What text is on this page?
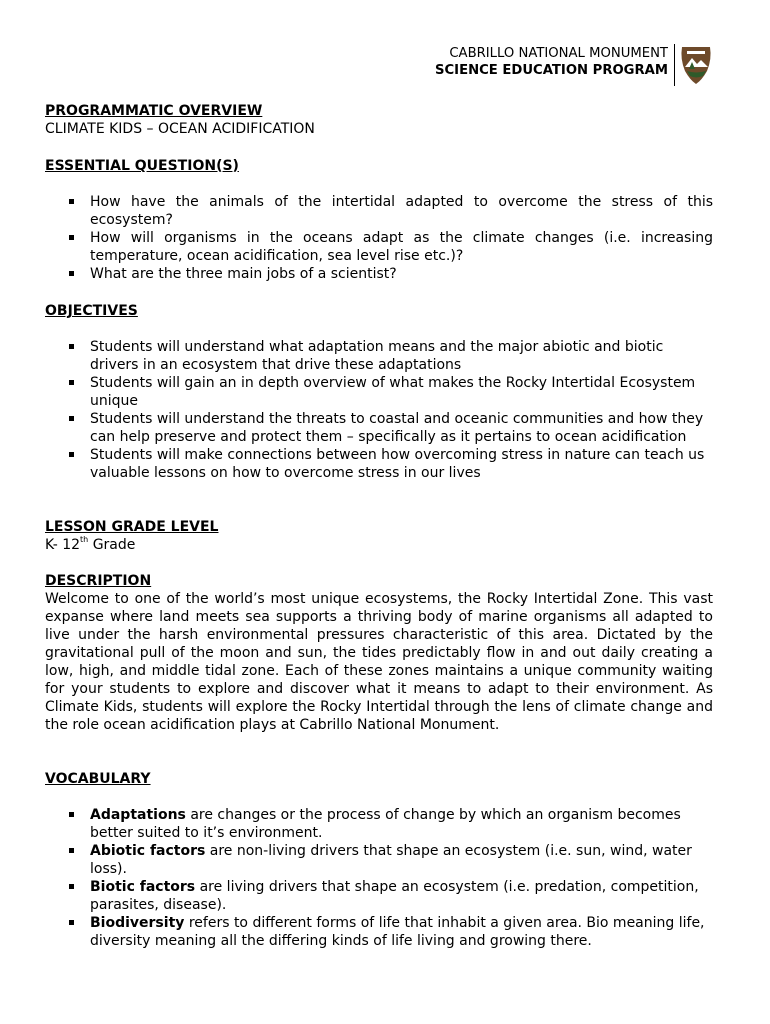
CABRILLO NATIONAL MONUMENT
SCIENCE EDUCATION PROGRAM

PROGRAMMATIC OVERVIEW

CLIMATE KIDS – OCEAN ACIDIFICATION

ESSENTIAL QUESTION(S)

How have the animals of the intertidal adapted to overcome the stress of this ecosystem?
How will organisms in the oceans adapt as the climate changes (i.e. increasing temperature, ocean acidification, sea level rise etc.)?
What are the three main jobs of a scientist?

OBJECTIVES

Students will understand what adaptation means and the major abiotic and biotic drivers in an ecosystem that drive these adaptations
Students will gain an in depth overview of what makes the Rocky Intertidal Ecosystem unique
Students will understand the threats to coastal and oceanic communities and how they can help preserve and protect them – specifically as it pertains to ocean acidification
Students will make connections between how overcoming stress in nature can teach us valuable lessons on how to overcome stress in our lives

LESSON GRADE LEVEL

K- 12th Grade

DESCRIPTION

Welcome to one of the world’s most unique ecosystems, the Rocky Intertidal Zone. This vast expanse where land meets sea supports a thriving body of marine organisms all adapted to live under the harsh environmental pressures characteristic of this area. Dictated by the gravitational pull of the moon and sun, the tides predictably flow in and out daily creating a low, high, and middle tidal zone. Each of these zones maintains a unique community waiting for your students to explore and discover what it means to adapt to their environment. As Climate Kids, students will explore the Rocky Intertidal through the lens of climate change and the role ocean acidification plays at Cabrillo National Monument.

VOCABULARY

Adaptations are changes or the process of change by which an organism becomes better suited to it’s environment.
Abiotic factors are non-living drivers that shape an ecosystem (i.e. sun, wind, water loss).
Biotic factors are living drivers that shape an ecosystem (i.e. predation, competition, parasites, disease).
Biodiversity refers to different forms of life that inhabit a given area. Bio meaning life, diversity meaning all the differing kinds of life living and growing there.
